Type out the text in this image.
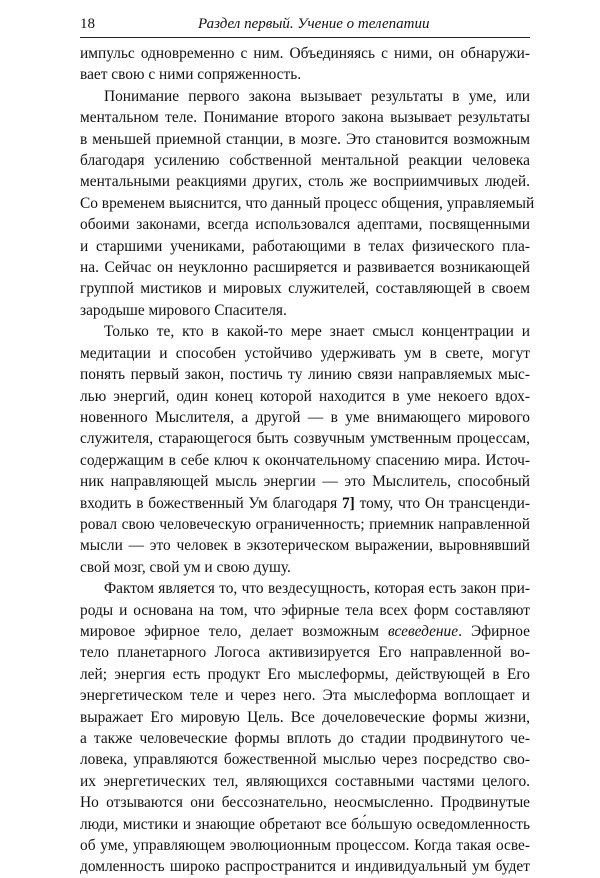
18	Раздел первый. Учение о телепатии
импульс одновременно с ним. Объединяясь с ними, он обнаружи-
вает свою с ними сопряженность.
Понимание первого закона вызывает результаты в уме, или
ментальном теле. Понимание второго закона вызывает результаты
в меньшей приемной станции, в мозге. Это становится возможным
благодаря усилению собственной ментальной реакции человека
ментальными реакциями других, столь же восприимчивых людей.
Со временем выяснится, что данный процесс общения, управляемый
обоими законами, всегда использовался адептами, посвященными
и старшими учениками, работающими в телах физического пла-
на. Сейчас он неуклонно расширяется и развивается возникающей
группой мистиков и мировых служителей, составляющей в своем
зародыше мирового Спасителя.
Только те, кто в какой-то мере знает смысл концентрации и
медитации и способен устойчиво удерживать ум в свете, могут
понять первый закон, постичь ту линию связи направляемых мыс-
лью энергий, один конец которой находится в уме некоего вдох-
новенного Мыслителя, а другой — в уме внимающего мирового
служителя, старающегося быть созвучным умственным процессам,
содержащим в себе ключ к окончательному спасению мира. Источ-
ник направляющей мысль энергии — это Мыслитель, способный
входить в божественный Ум благодаря 7] тому, что Он трансценди-
ровал свою человеческую ограниченность; приемник направленной
мысли — это человек в экзотерическом выражении, выровнявший
свой мозг, свой ум и свою душу.
Фактом является то, что вездесущность, которая есть закон при-
роды и основана на том, что эфирные тела всех форм составляют
мировое эфирное тело, делает возможным всеведение. Эфирное
тело планетарного Логоса активизируется Его направленной во-
лей; энергия есть продукт Его мыслеформы, действующей в Его
энергетическом теле и через него. Эта мыслеформа воплощает и
выражает Его мировую Цель. Все дочеловеческие формы жизни,
а также человеческие формы вплоть до стадии продвинутого че-
ловека, управляются божественной мыслью через посредство сво-
их энергетических тел, являющихся составными частями целого.
Но отзываются они бессознательно, неосмысленно. Продвинутые
люди, мистики и знающие обретают все бо́льшую осведомленность
об уме, управляющем эволюционным процессом. Когда такая осве-
домленность широко распространится и индивидуальный ум будет
